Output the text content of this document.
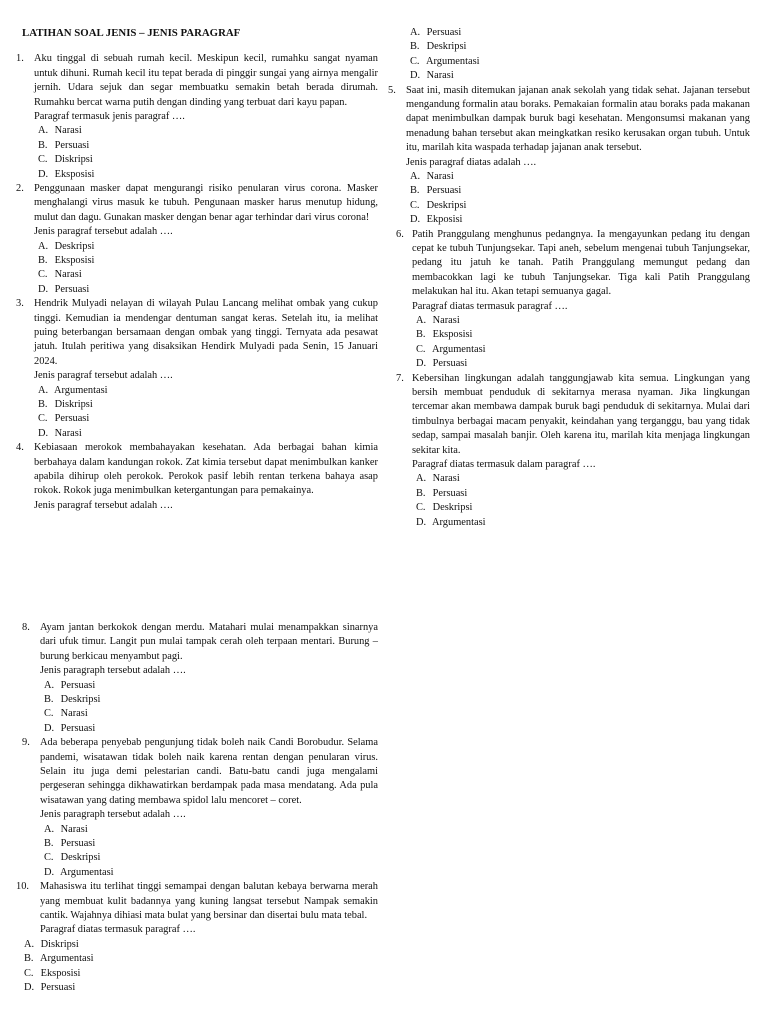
LATIHAN SOAL JENIS – JENIS PARAGRAF
1. Aku tinggal di sebuah rumah kecil. Meskipun kecil, rumahku sangat nyaman untuk dihuni. Rumah kecil itu tepat berada di pinggir sungai yang airnya mengalir jernih. Udara sejuk dan segar membuatku semakin betah berada dirumah. Rumahku bercat warna putih dengan dinding yang terbuat dari kayu papan.
Paragraf termasuk jenis paragraf ….
A. Narasi
B. Persuasi
C. Diskripsi
D. Eksposisi
2. Penggunaan masker dapat mengurangi risiko penularan virus corona. Masker menghalangi virus masuk ke tubuh. Pengunaan masker harus menutup hidung, mulut dan dagu. Gunakan masker dengan benar agar terhindar dari virus corona!
Jenis paragraf tersebut adalah ….
A. Deskripsi
B. Eksposisi
C. Narasi
D. Persuasi
3. Hendrik Mulyadi nelayan di wilayah Pulau Lancang melihat ombak yang cukup tinggi. Kemudian ia mendengar dentuman sangat keras. Setelah itu, ia melihat puing beterbangan bersamaan dengan ombak yang tinggi. Ternyata ada pesawat jatuh. Itulah peritiwa yang disaksikan Hendirk Mulyadi pada Senin, 15 Januari 2024.
Jenis paragraf tersebut adalah ….
A. Argumentasi
B. Diskripsi
C. Persuasi
D. Narasi
4. Kebiasaan merokok membahayakan kesehatan. Ada berbagai bahan kimia berbahaya dalam kandungan rokok. Zat kimia tersebut dapat menimbulkan kanker apabila dihirup oleh perokok. Perokok pasif lebih rentan terkena bahaya asap rokok. Rokok juga menimbulkan ketergantungan para pemakainya.
Jenis paragraf tersebut adalah ….
A. Persuasi
B. Deskripsi
C. Argumentasi
D. Narasi
5. Saat ini, masih ditemukan jajanan anak sekolah yang tidak sehat. Jajanan tersebut mengandung formalin atau boraks. Pemakaian formalin atau boraks pada makanan dapat menimbulkan dampak buruk bagi kesehatan. Mengonsumsi makanan yang menadung bahan tersebut akan meingkatkan resiko kerusakan organ tubuh. Untuk itu, marilah kita waspada terhadap jajanan anak tersebut.
Jenis paragraf diatas adalah ….
A. Narasi
B. Persuasi
C. Deskripsi
D. Ekposisi
6. Patih Pranggulang menghunus pedangnya. Ia mengayunkan pedang itu dengan cepat ke tubuh Tunjungsekar. Tapi aneh, sebelum mengenai tubuh Tanjungsekar, pedang itu jatuh ke tanah. Patih Pranggulang memungut pedang dan membacokkan lagi ke tubuh Tanjungsekar. Tiga kali Patih Pranggulang melakukan hal itu. Akan tetapi semuanya gagal.
Paragraf diatas termasuk paragraf ….
A. Narasi
B. Eksposisi
C. Argumentasi
D. Persuasi
7. Kebersihan lingkungan adalah tanggungjawab kita semua. Lingkungan yang bersih membuat penduduk di sekitarnya merasa nyaman. Jika lingkungan tercemar akan membawa dampak buruk bagi penduduk di sekitarnya. Mulai dari timbulnya berbagai macam penyakit, keindahan yang terganggu, bau yang tidak sedap, sampai masalah banjir. Oleh karena itu, marilah kita menjaga lingkungan sekitar kita.
Paragraf diatas termasuk dalam paragraf ….
A. Narasi
B. Persuasi
C. Deskripsi
D. Argumentasi
8. Ayam jantan berkokok dengan merdu. Matahari mulai menampakkan sinarnya dari ufuk timur. Langit pun mulai tampak cerah oleh terpaan mentari. Burung – burung berkicau menyambut pagi.
Jenis paragraph tersebut adalah ….
A. Persuasi
B. Deskripsi
C. Narasi
D. Persuasi
9. Ada beberapa penyebab pengunjung tidak boleh naik Candi Borobudur. Selama pandemi, wisatawan tidak boleh naik karena rentan dengan penularan virus. Selain itu juga demi pelestarian candi. Batu-batu candi juga mengalami pergeseran sehingga dikhawatirkan berdampak pada masa mendatang. Ada pula wisatawan yang dating membawa spidol lalu mencoret – coret.
Jenis paragraph tersebut adalah ….
A. Narasi
B. Persuasi
C. Deskripsi
D. Argumentasi
10. Mahasiswa itu terlihat tinggi semampai dengan balutan kebaya berwarna merah yang membuat kulit badannya yang kuning langsat tersebut Nampak semakin cantik. Wajahnya dihiasi mata bulat yang bersinar dan disertai bulu mata tebal.
Paragraf diatas termasuk paragraf ….
A. Diskripsi
B. Argumentasi
C. Eksposisi
D. Persuasi
